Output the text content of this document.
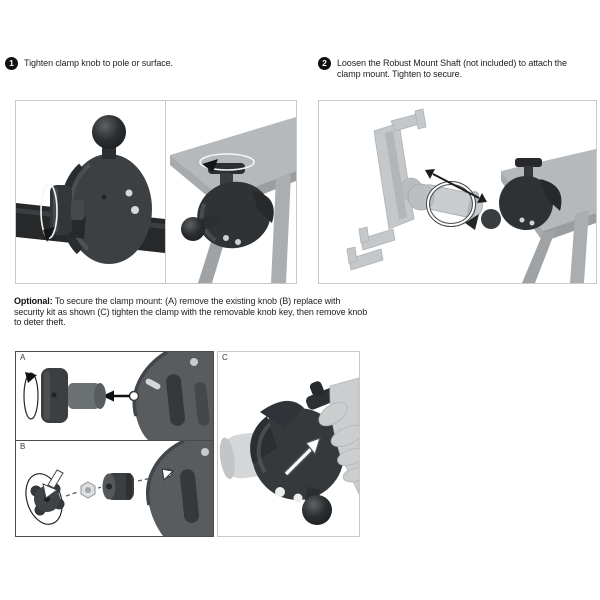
1	Tighten clamp knob to pole or surface.	2	Loosen the Robust Mount Shaft (not included) to attach the clamp mount. Tighten to secure.
Optional: To secure the clamp mount: (A) remove the existing knob (B) replace with security kit as shown (C) tighten the clamp with the removable knob key, then remove knob to deter theft.
A
B
C
